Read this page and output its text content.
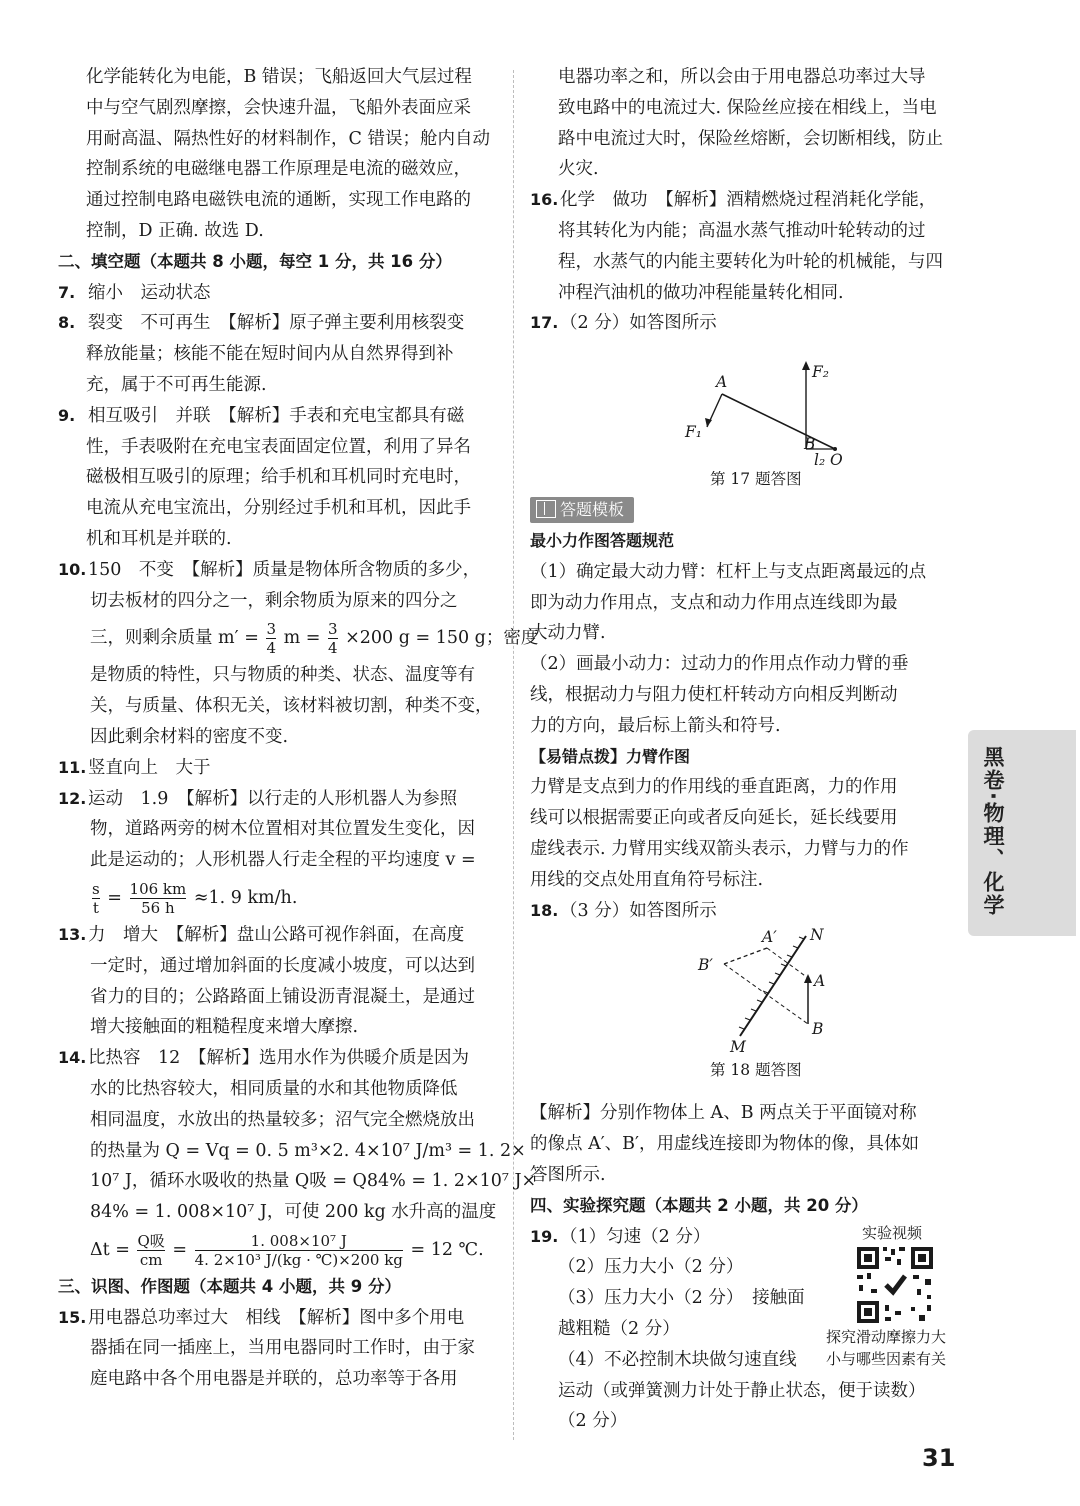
化学能转化为电能，B 错误；飞船返回大气层过程
中与空气剧烈摩擦，会快速升温，飞船外表面应采
用耐高温、隔热性好的材料制作，C 错误；舱内自动
控制系统的电磁继电器工作原理是电流的磁效应，
通过控制电路电磁铁电流的通断，实现工作电路的
控制，D 正确. 故选 D.
二、填空题（本题共 8 小题，每空 1 分，共 16 分）
7. 缩小　运动状态
8. 裂变　不可再生　【解析】原子弹主要利用核裂变
释放能量；核能不能在短时间内从自然界得到补
充，属于不可再生能源.
9. 相互吸引　并联　【解析】手表和充电宝都具有磁
性，手表吸附在充电宝表面固定位置，利用了异名
磁极相互吸引的原理；给手机和耳机同时充电时，
电流从充电宝流出，分别经过手机和耳机，因此手
机和耳机是并联的.
10.150　不变　【解析】质量是物体所含物质的多少，
切去板材的四分之一，剩余物质为原来的四分之
三，则剩余质量 $m' = \frac{3}{4}$ $m = \frac{3}{4} \times 200$ g = 150 g；密度
是物质的特性，只与物质的种类、状态、温度等有
关，与质量、体积无关，该材料被切割，种类不变，
因此剩余材料的密度不变.
11.竖直向上　大于
12.运动　1.9　【解析】以行走的人形机器人为参照
物，道路两旁的树木位置相对其位置发生变化，因
此是运动的；人形机器人行走全程的平均速度 v =
$\frac{s}{t} = \frac{106 km}{56 h} \approx 1$. 9 km/h.
13.力　增大　【解析】盘山公路可视作斜面，在高度
一定时，通过增加斜面的长度减小坡度，可以达到
省力的目的；公路路面上铺设沥青混凝土，是通过
增大接触面的粗糙程度来增大摩擦.
14.比热容　12　【解析】选用水作为供暖介质是因为
水的比热容较大，相同质量的水和其他物质降低
相同温度，水放出的热量较多；沼气完全燃烧放出
的热量为 Q = Vq = 0. 5 m³×2. 4×10⁷ J/m³ = 1. 2×
10⁷ J，循环水吸收的热量 Q吸 = Q84% = 1. 2×10⁷ J×
84% = 1. 008×10⁷ J，可使 200 kg 水升高的温度
$\Delta t = \frac{\text{Q吸}}{cm} = \frac{\text{1. 008×10⁷ J}}{\text{4. 2×10³ J/(kg · ℃)×200 kg}} = 12$ ℃.
三、识图、作图题（本题共 4 小题，共 9 分）
15.用电器总功率过大　相线　【解析】图中多个用电
器插在同一插座上，当用电器同时工作时，由于家
庭电路中各个用电器是并联的，总功率等于各用
电器功率之和，所以会由于用电器总功率过大导
致电路中的电流过大. 保险丝应接在相线上，当电
路中电流过大时，保险丝熔断，会切断相线，防止
火灾.
16.化学　做功　【解析】酒精燃烧过程消耗化学能，
将其转化为内能；高温水蒸气推动叶轮转动的过
程，水蒸气的内能主要转化为叶轮的机械能，与四
冲程汽油机的做功冲程能量转化相同.
17.（2 分）如答图所示
A
B
F₁
F₂
l₂ O
第 17 题答图
答题模板
最小力作图答题规范
（1）确定最大动力臂：杠杆上与支点距离最远的点
即为动力作用点，支点和动力作用点连线即为最
大动力臂.
（2）画最小动力：过动力的作用点作动力臂的垂
线，根据动力与阻力使杠杆转动方向相反判断动
力的方向，最后标上箭头和符号.
【易错点拨】力臂作图
力臂是支点到力的作用线的垂直距离，力的作用
线可以根据需要正向或者反向延长，延长线要用
虚线表示. 力臂用实线双箭头表示，力臂与力的作
用线的交点处用直角符号标注.
18.（3 分）如答图所示
A′
B′
N
A
B
M
第 18 题答图
【解析】分别作物体上 A、B 两点关于平面镜对称
的像点 A′、B′，用虚线连接即为物体的像，具体如
答图所示.
四、实验探究题（本题共 2 小题，共 20 分）
19.（1）匀速（2 分）
（2）压力大小（2 分）
（3）压力大小（2 分）　接触面
越粗糙（2 分）
（4）不必控制木块做匀速直线
运动（或弹簧测力计处于静止状态，便于读数）
（2 分）
实验视频
探究滑动摩擦力大
小与哪些因素有关
黑卷·物理、化学
31
